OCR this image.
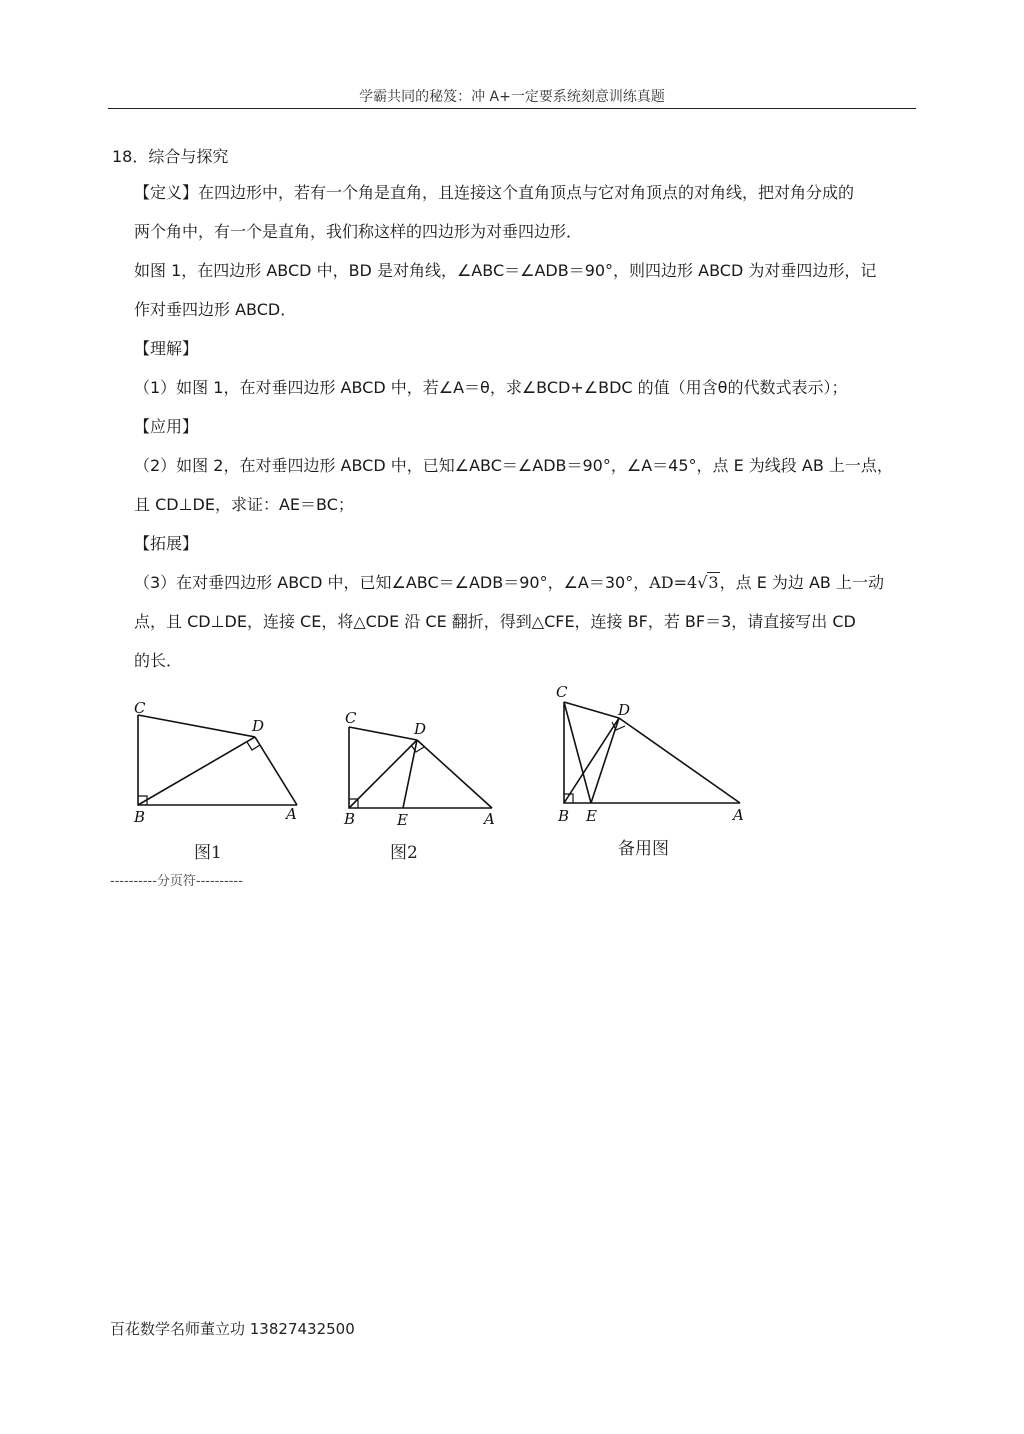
学霸共同的秘笈：冲 A+一定要系统刻意训练真题
18．综合与探究
【定义】在四边形中，若有一个角是直角，且连接这个直角顶点与它对角顶点的对角线，把对角分成的
两个角中，有一个是直角，我们称这样的四边形为对垂四边形．
如图 1，在四边形 ABCD 中，BD 是对角线，∠ABC＝∠ADB＝90°，则四边形 ABCD 为对垂四边形，记
作对垂四边形 ABCD．
【理解】
（1）如图 1，在对垂四边形 ABCD 中，若∠A＝θ，求∠BCD+∠BDC 的值（用含θ的代数式表示）；
【应用】
（2）如图 2，在对垂四边形 ABCD 中，已知∠ABC＝∠ADB＝90°，∠A＝45°，点 E 为线段 AB 上一点，
且 CD⊥DE，求证：AE＝BC；
【拓展】
（3）在对垂四边形 ABCD 中，已知∠ABC＝∠ADB＝90°，∠A＝30°，AD=4√3，点 E 为边 AB 上一动
点，且 CD⊥DE，连接 CE，将△CDE 沿 CE 翻折，得到△CFE，连接 BF，若 BF＝3，请直接写出 CD
的长．
C
D
B	A
图1
C
D
B	E	A
图2
C
D
B E	A
备用图
----------分页符----------
百花数学名师董立功 13827432500
